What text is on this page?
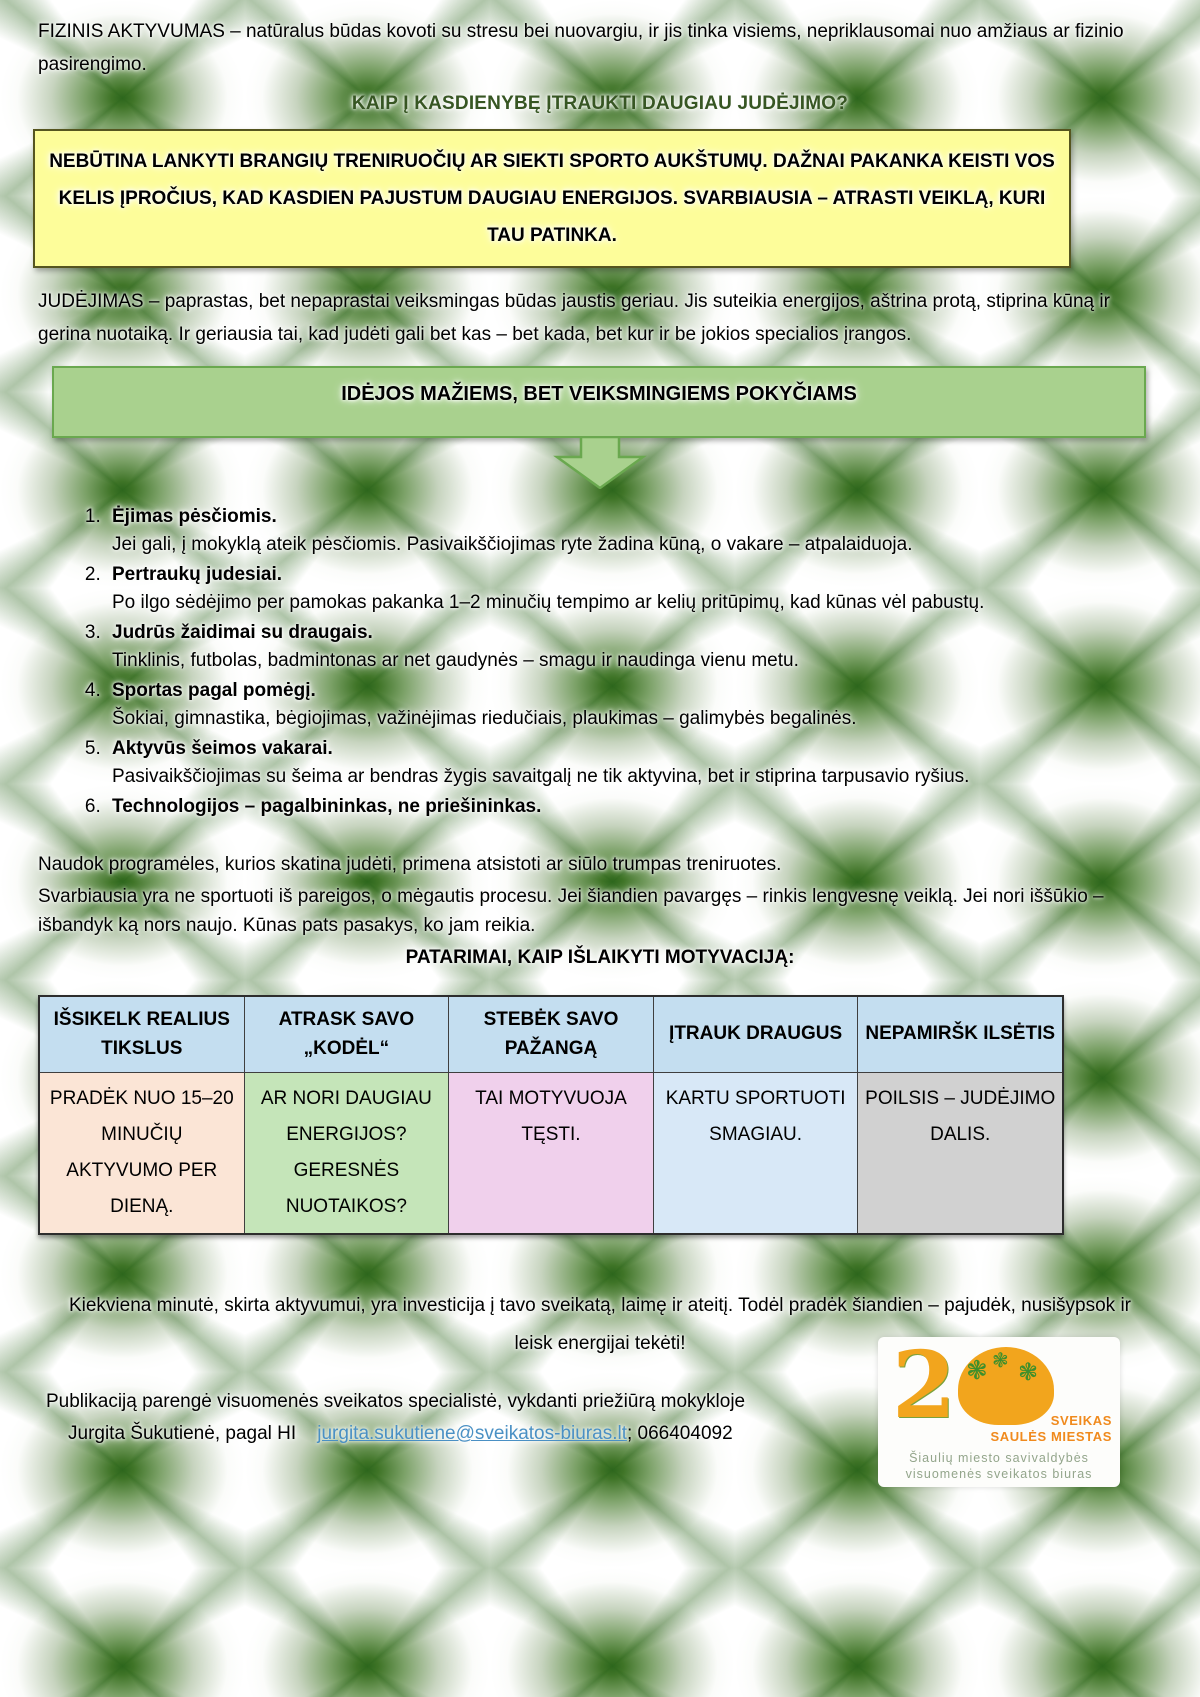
FIZINIS AKTYVUMAS – natūralus būdas kovoti su stresu bei nuovargiu, ir jis tinka visiems, nepriklausomai nuo amžiaus ar fizinio pasirengimo.

KAIP Į KASDIENYBĘ ĮTRAUKTI DAUGIAU JUDĖJIMO?
NEBŪTINA LANKYTI BRANGIŲ TRENIRUOČIŲ AR SIEKTI SPORTO AUKŠTUMŲ. DAŽNAI PAKANKA KEISTI VOS KELIS ĮPROČIUS, KAD KASDIEN PAJUSTUM DAUGIAU ENERGIJOS. SVARBIAUSIA – ATRASTI VEIKLĄ, KURI TAU PATINKA.

JUDĖJIMAS – paprastas, bet nepaprastai veiksmingas būdas jaustis geriau. Jis suteikia energijos, aštrina protą, stiprina kūną ir gerina nuotaiką. Ir geriausia tai, kad judėti gali bet kas – bet kada, bet kur ir be jokios specialios įrangos.

IDĖJOS MAŽIEMS, BET VEIKSMINGIEMS POKYČIAMS
1. Ėjimas pėsčiomis.
Jei gali, į mokyklą ateik pėsčiomis. Pasivaikščiojimas ryte žadina kūną, o vakare – atpalaiduoja.
2. Pertraukų judesiai.
Po ilgo sėdėjimo per pamokas pakanka 1–2 minučių tempimo ar kelių pritūpimų, kad kūnas vėl pabustų.
3. Judrūs žaidimai su draugais.
Tinklinis, futbolas, badmintonas ar net gaudynės – smagu ir naudinga vienu metu.
4. Sportas pagal pomėgį.
Šokiai, gimnastika, bėgiojimas, važinėjimas riedučiais, plaukimas – galimybės begalinės.
5. Aktyvūs šeimos vakarai.
Pasivaikščiojimas su šeima ar bendras žygis savaitgalį ne tik aktyvina, bet ir stiprina tarpusavio ryšius.
6. Technologijos – pagalbininkas, ne priešininkas.

Naudok programėles, kurios skatina judėti, primena atsistoti ar siūlo trumpas treniruotes.

Svarbiausia yra ne sportuoti iš pareigos, o mėgautis procesu. Jei šiandien pavargęs – rinkis lengvesnę veiklą. Jei nori iššūkio – išbandyk ką nors naujo. Kūnas pats pasakys, ko jam reikia.

PATARIMAI, KAIP IŠLAIKYTI MOTYVACIJĄ:
IŠSIKELK REALIUS TIKSLUS	ATRASK SAVO „KODĖL“	STEBĖK SAVO PAŽANGĄ	ĮTRAUK DRAUGUS	NEPAMIRŠK ILSĖTIS
PRADĖK NUO 15–20 MINUČIŲ AKTYVUMO PER DIENĄ.	AR NORI DAUGIAU ENERGIJOS? GERESNĖS NUOTAIKOS?	TAI MOTYVUOJA TĘSTI.	KARTU SPORTUOTI SMAGIAU.	POILSIS – JUDĖJIMO DALIS.

Kiekviena minutė, skirta aktyvumui, yra investicija į tavo sveikatą, laimę ir ateitį. Todėl pradėk šiandien – pajudėk, nusišypsok ir leisk energijai tekėti!

Publikaciją parengė visuomenės sveikatos specialistė, vykdanti priežiūrą mokykloje

Jurgita Šukutienė, pagal HI jurgita.sukutiene@sveikatos-biuras.lt; 066404092	2 ❃ ❃ ❃
SVEIKAS
SAULĖS MIESTAS
Šiaulių miesto savivaldybės
visuomenės sveikatos biuras
